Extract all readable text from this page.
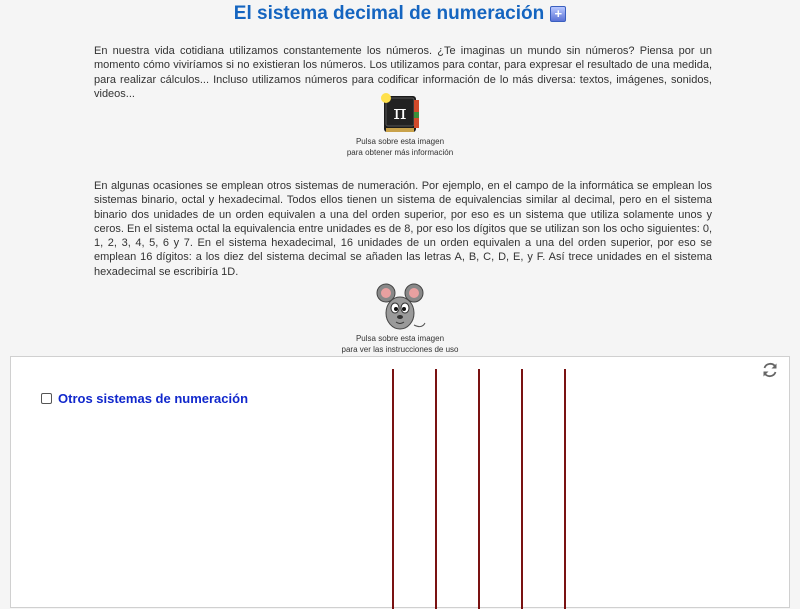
El sistema decimal de numeración +

En nuestra vida cotidiana utilizamos constantemente los números. ¿Te imaginas un mundo sin números? Piensa por un momento cómo viviríamos si no existieran los números. Los utilizamos para contar, para expresar el resultado de una medida, para realizar cálculos... Incluso utilizamos números para codificar información de lo más diversa: textos, imágenes, sonidos, videos...

π
Pulsa sobre esta imagen
para obtener más información

En algunas ocasiones se emplean otros sistemas de numeración. Por ejemplo, en el campo de la informática se emplean los sistemas binario, octal y hexadecimal. Todos ellos tienen un sistema de equivalencias similar al decimal, pero en el sistema binario dos unidades de un orden equivalen a una del orden superior, por eso es un sistema que utiliza solamente unos y ceros. En el sistema octal la equivalencia entre unidades es de 8, por eso los dígitos que se utilizan son los ocho siguientes: 0, 1, 2, 3, 4, 5, 6 y 7. En el sistema hexadecimal, 16 unidades de un orden equivalen a una del orden superior, por eso se emplean 16 dígitos: a los diez del sistema decimal se añaden las letras A, B, C, D, E, y F. Así trece unidades en el sistema hexadecimal se escribiría 1D.

Pulsa sobre esta imagen
para ver las instrucciones de uso
Otros sistemas de numeración
